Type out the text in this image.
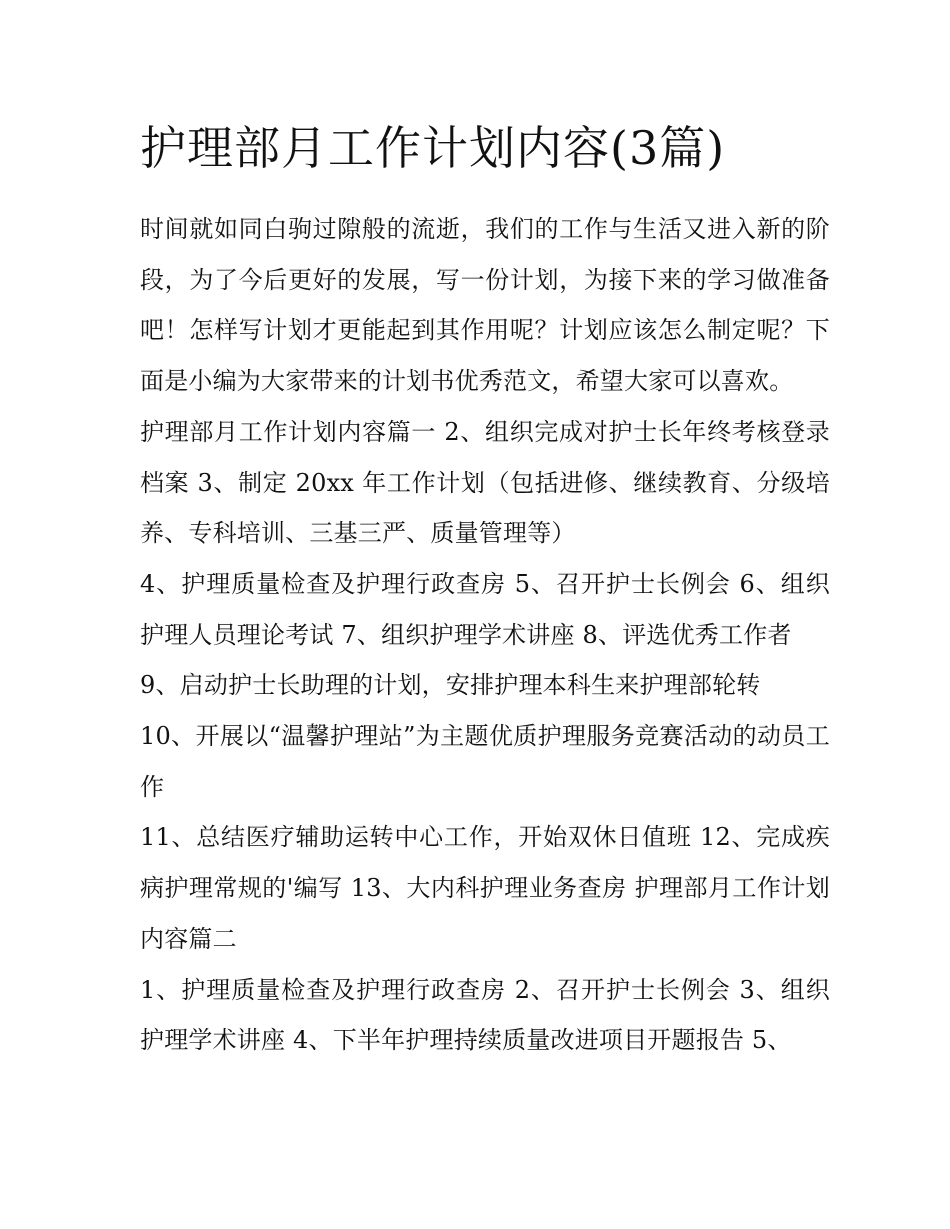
护理部月工作计划内容(3篇)

时间就如同白驹过隙般的流逝，我们的工作与生活又进入新的阶段，为了今后更好的发展，写一份计划，为接下来的学习做准备吧！怎样写计划才更能起到其作用呢？计划应该怎么制定呢？下面是小编为大家带来的计划书优秀范文，希望大家可以喜欢。

护理部月工作计划内容篇一 2、组织完成对护士长年终考核登录档案 3、制定 20xx 年工作计划（包括进修、继续教育、分级培养、专科培训、三基三严、质量管理等）

4、护理质量检查及护理行政查房 5、召开护士长例会 6、组织护理人员理论考试 7、组织护理学术讲座 8、评选优秀工作者

9、启动护士长助理的计划，安排护理本科生来护理部轮转

10、开展以“温馨护理站”为主题优质护理服务竞赛活动的动员工作

11、总结医疗辅助运转中心工作，开始双休日值班 12、完成疾病护理常规的'编写 13、大内科护理业务查房 护理部月工作计划内容篇二

1、护理质量检查及护理行政查房 2、召开护士长例会 3、组织护理学术讲座 4、下半年护理持续质量改进项目开题报告 5、
